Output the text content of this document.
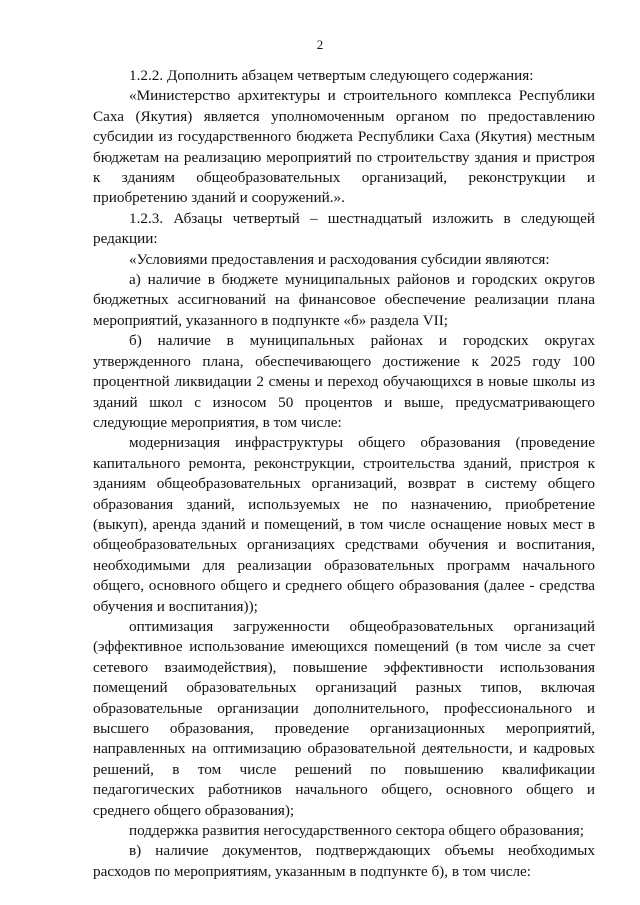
2

1.2.2. Дополнить абзацем четвертым следующего содержания:

«Министерство архитектуры и строительного комплекса Республики Саха (Якутия) является уполномоченным органом по предоставлению субсидии из государственного бюджета Республики Саха (Якутия) местным бюджетам на реализацию мероприятий по строительству здания и пристроя к зданиям общеобразовательных организаций, реконструкции и приобретению зданий и сооружений.».

1.2.3. Абзацы четвертый – шестнадцатый изложить в следующей редакции:

«Условиями предоставления и расходования субсидии являются:

а) наличие в бюджете муниципальных районов и городских округов бюджетных ассигнований на финансовое обеспечение реализации плана мероприятий, указанного в подпункте «б» раздела VII;

б) наличие в муниципальных районах и городских округах утвержденного плана, обеспечивающего достижение к 2025 году 100 процентной ликвидации 2 смены и переход обучающихся в новые школы из зданий школ с износом 50 процентов и выше, предусматривающего следующие мероприятия, в том числе:

модернизация инфраструктуры общего образования (проведение капитального ремонта, реконструкции, строительства зданий, пристроя к зданиям общеобразовательных организаций, возврат в систему общего образования зданий, используемых не по назначению, приобретение (выкуп), аренда зданий и помещений, в том числе оснащение новых мест в общеобразовательных организациях средствами обучения и воспитания, необходимыми для реализации образовательных программ начального общего, основного общего и среднего общего образования (далее - средства обучения и воспитания));

оптимизация загруженности общеобразовательных организаций (эффективное использование имеющихся помещений (в том числе за счет сетевого взаимодействия), повышение эффективности использования помещений образовательных организаций разных типов, включая образовательные организации дополнительного, профессионального и высшего образования, проведение организационных мероприятий, направленных на оптимизацию образовательной деятельности, и кадровых решений, в том числе решений по повышению квалификации педагогических работников начального общего, основного общего и среднего общего образования);

поддержка развития негосударственного сектора общего образования;

в) наличие документов, подтверждающих объемы необходимых расходов по мероприятиям, указанным в подпункте б), в том числе:
